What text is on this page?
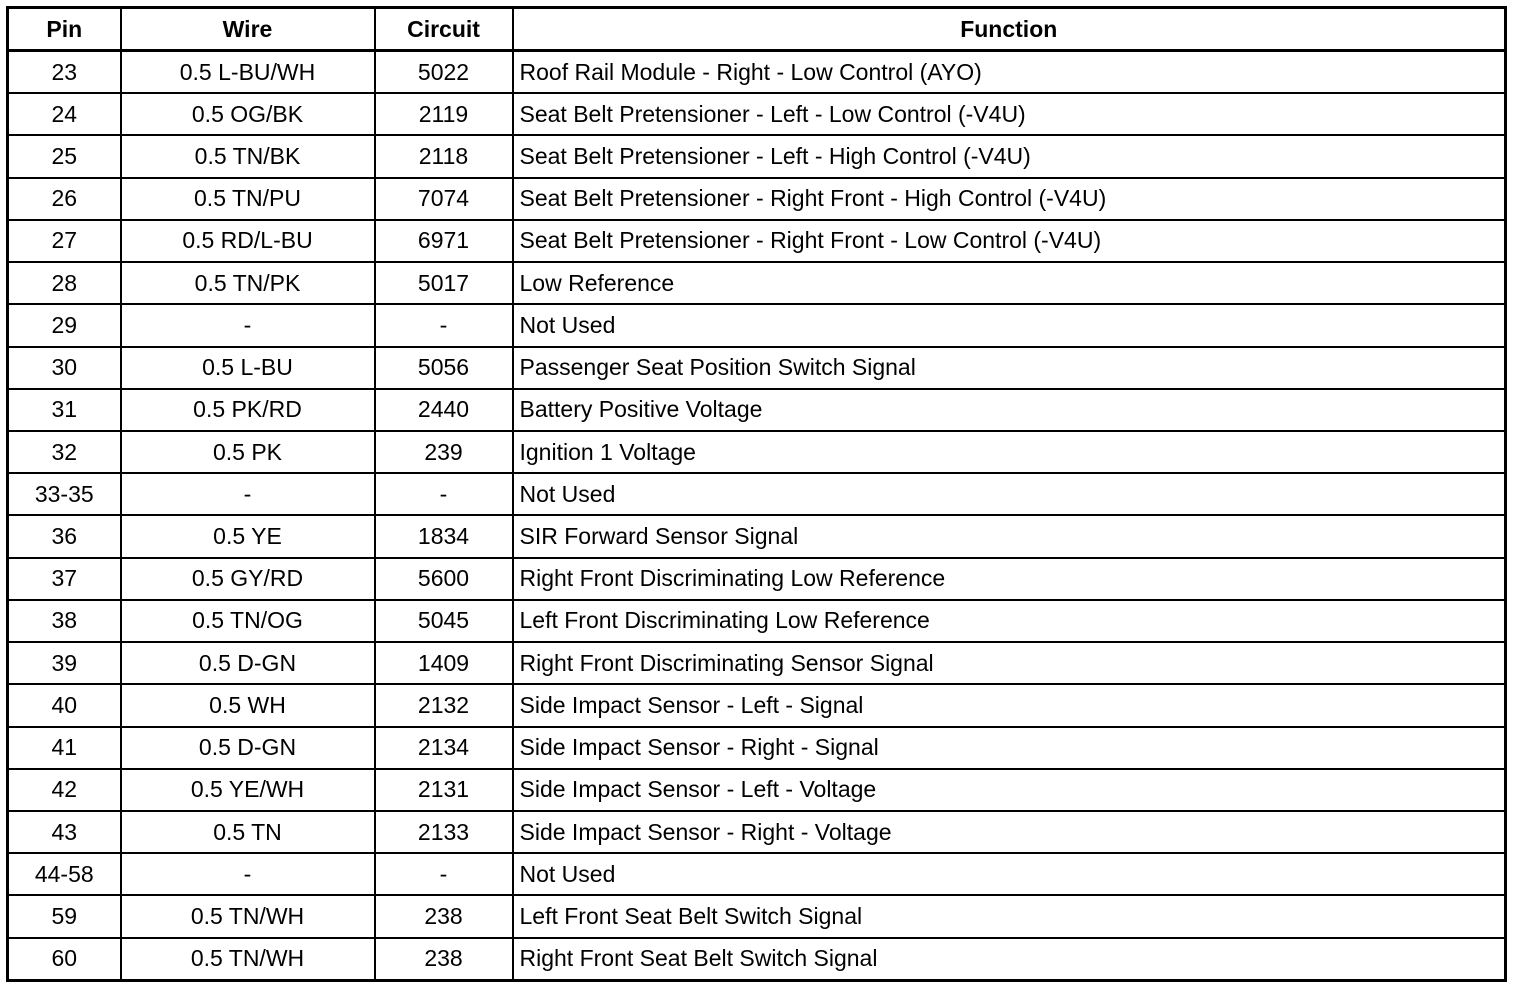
Pin	Wire	Circuit	Function
23	0.5 L-BU/WH	5022	Roof Rail Module - Right - Low Control (AYO)
24	0.5 OG/BK	2119	Seat Belt Pretensioner - Left - Low Control (-V4U)
25	0.5 TN/BK	2118	Seat Belt Pretensioner - Left - High Control (-V4U)
26	0.5 TN/PU	7074	Seat Belt Pretensioner - Right Front - High Control (-V4U)
27	0.5 RD/L-BU	6971	Seat Belt Pretensioner - Right Front - Low Control (-V4U)
28	0.5 TN/PK	5017	Low Reference
29	-	-	Not Used
30	0.5 L-BU	5056	Passenger Seat Position Switch Signal
31	0.5 PK/RD	2440	Battery Positive Voltage
32	0.5 PK	239	Ignition 1 Voltage
33-35	-	-	Not Used
36	0.5 YE	1834	SIR Forward Sensor Signal
37	0.5 GY/RD	5600	Right Front Discriminating Low Reference
38	0.5 TN/OG	5045	Left Front Discriminating Low Reference
39	0.5 D-GN	1409	Right Front Discriminating Sensor Signal
40	0.5 WH	2132	Side Impact Sensor - Left - Signal
41	0.5 D-GN	2134	Side Impact Sensor - Right - Signal
42	0.5 YE/WH	2131	Side Impact Sensor - Left - Voltage
43	0.5 TN	2133	Side Impact Sensor - Right - Voltage
44-58	-	-	Not Used
59	0.5 TN/WH	238	Left Front Seat Belt Switch Signal
60	0.5 TN/WH	238	Right Front Seat Belt Switch Signal
